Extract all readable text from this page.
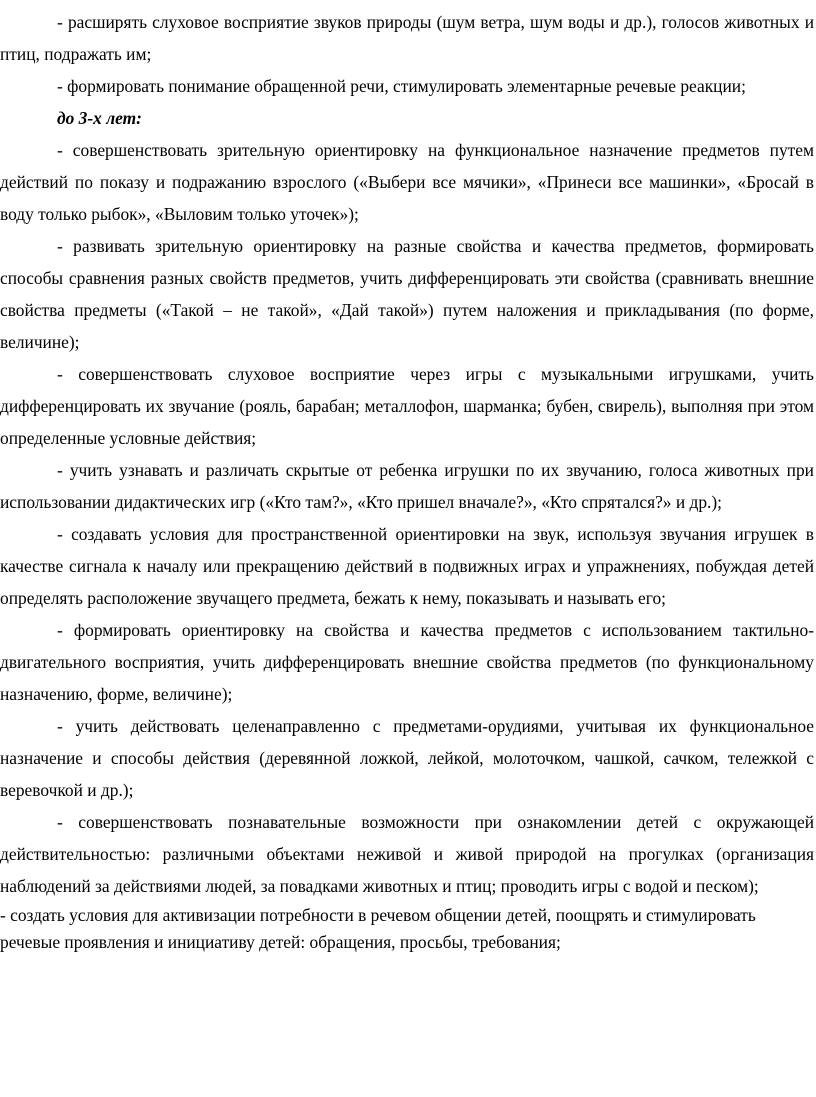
- расширять слуховое восприятие звуков природы (шум ветра, шум воды и др.), голосов животных и птиц, подражать им;

- формировать понимание обращенной речи, стимулировать элементарные речевые реакции;

до 3-х лет:

- совершенствовать зрительную ориентировку на функциональное назначение предметов путем действий по показу и подражанию взрослого («Выбери все мячики», «Принеси все машинки», «Бросай в воду только рыбок», «Выловим только уточек»);

- развивать зрительную ориентировку на разные свойства и качества предметов, формировать способы сравнения разных свойств предметов, учить дифференцировать эти свойства (сравнивать внешние свойства предметы («Такой – не такой», «Дай такой») путем наложения и прикладывания (по форме, величине);

- совершенствовать слуховое восприятие через игры с музыкальными игрушками, учить дифференцировать их звучание (рояль, барабан; металлофон, шарманка; бубен, свирель), выполняя при этом определенные условные действия;

- учить узнавать и различать скрытые от ребенка игрушки по их звучанию, голоса животных при использовании дидактических игр («Кто там?», «Кто пришел вначале?», «Кто спрятался?» и др.);

- создавать условия для пространственной ориентировки на звук, используя звучания игрушек в качестве сигнала к началу или прекращению действий в подвижных играх и упражнениях, побуждая детей определять расположение звучащего предмета, бежать к нему, показывать и называть его;

- формировать ориентировку на свойства и качества предметов с использованием тактильно-двигательного восприятия, учить дифференцировать внешние свойства предметов (по функциональному назначению, форме, величине);

- учить действовать целенаправленно с предметами-орудиями, учитывая их функциональное назначение и способы действия (деревянной ложкой, лейкой, молоточком, чашкой, сачком, тележкой с веревочкой и др.);

- совершенствовать познавательные возможности при ознакомлении детей с окружающей действительностью: различными объектами неживой и живой природой на прогулках (организация наблюдений за действиями людей, за повадками животных и птиц; проводить игры с водой и песком);

- создать условия для активизации потребности в речевом общении детей, поощрять и стимулировать речевые проявления и инициативу детей: обращения, просьбы, требования;
